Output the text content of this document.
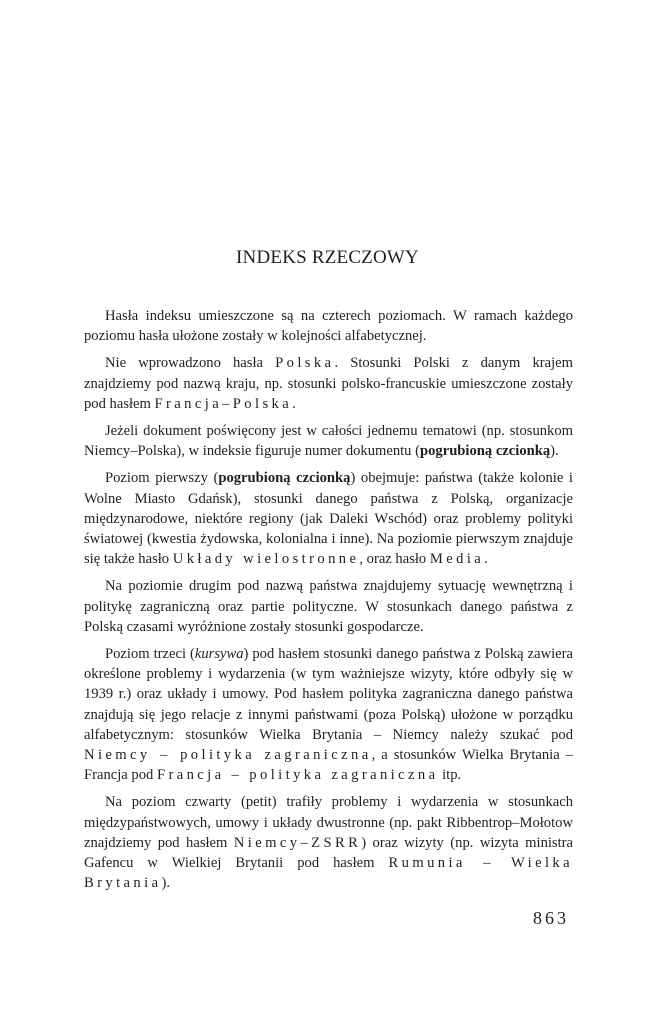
INDEKS RZECZOWY

Hasła indeksu umieszczone są na czterech poziomach. W ramach każdego poziomu hasła ułożone zostały w kolejności alfabetycznej.

Nie wprowadzono hasła Polska. Stosunki Polski z danym krajem znajdziemy pod nazwą kraju, np. stosunki polsko-francuskie umieszczone zostały pod hasłem Francja–Polska.

Jeżeli dokument poświęcony jest w całości jednemu tematowi (np. stosunkom Niemcy–Polska), w indeksie figuruje numer dokumentu (pogrubioną czcionką).

Poziom pierwszy (pogrubioną czcionką) obejmuje: państwa (także kolonie i Wolne Miasto Gdańsk), stosunki danego państwa z Polską, organizacje międzynarodowe, niektóre regiony (jak Daleki Wschód) oraz problemy polityki światowej (kwestia żydowska, kolonialna i inne). Na poziomie pierwszym znajduje się także hasło Układy wielostronne, oraz hasło Media.

Na poziomie drugim pod nazwą państwa znajdujemy sytuację wewnętrzną i politykę zagraniczną oraz partie polityczne. W stosunkach danego państwa z Polską czasami wyróżnione zostały stosunki gospodarcze.

Poziom trzeci (kursywa) pod hasłem stosunki danego państwa z Polską zawiera określone problemy i wydarzenia (w tym ważniejsze wizyty, które odbyły się w 1939 r.) oraz układy i umowy. Pod hasłem polityka zagraniczna danego państwa znajdują się jego relacje z innymi państwami (poza Polską) ułożone w porządku alfabetycznym: stosunków Wielka Brytania – Niemcy należy szukać pod Niemcy – polityka zagraniczna, a stosunków Wielka Brytania – Francja pod Francja – polityka zagraniczna itp.

Na poziom czwarty (petit) trafiły problemy i wydarzenia w stosunkach międzypaństwowych, umowy i układy dwustronne (np. pakt Ribbentrop–Mołotow znajdziemy pod hasłem Niemcy–ZSRR) oraz wizyty (np. wizyta ministra Gafencu w Wielkiej Brytanii pod hasłem Rumunia – Wielka Brytania).

863
